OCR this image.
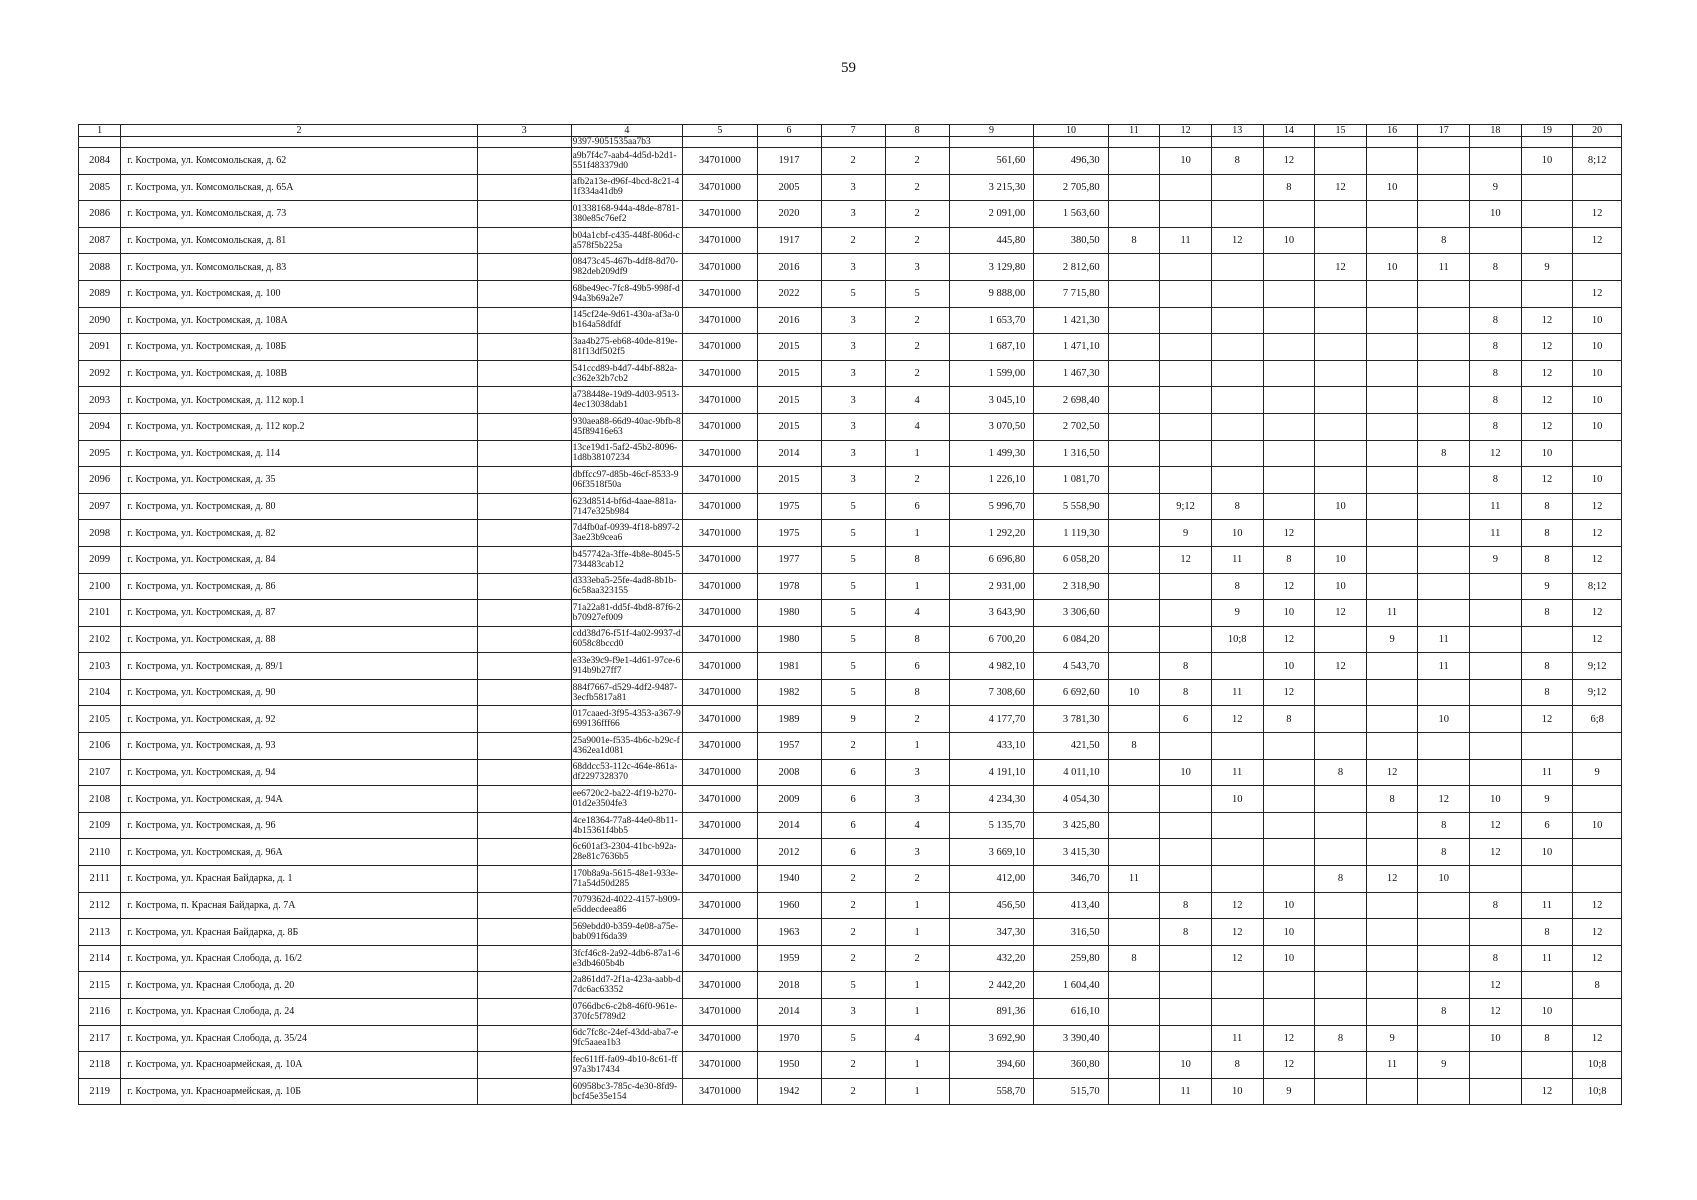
59
1	2	3	4	5	6	7	8	9	10	11	12	13	14	15	16	17	18	19	20
			9397-9051535aa7b3																
2084	г. Кострома, ул. Комсомольская, д. 62		a9b7f4c7-aab4-4d5d-b2d1-551f483379d0	34701000	1917	2	2	561,60	496,30		10	8	12					10	8;12
2085	г. Кострома, ул. Комсомольская, д. 65А		afb2a13e-d96f-4bcd-8c21-41f334a41db9	34701000	2005	3	2	3 215,30	2 705,80				8	12	10		9		
2086	г. Кострома, ул. Комсомольская, д. 73		01338168-944a-48de-8781-380e85c76ef2	34701000	2020	3	2	2 091,00	1 563,60								10		12
2087	г. Кострома, ул. Комсомольская, д. 81		b04a1cbf-c435-448f-806d-ca578f5b225a	34701000	1917	2	2	445,80	380,50	8	11	12	10			8			12
2088	г. Кострома, ул. Комсомольская, д. 83		08473c45-467b-4df8-8d70-982deb209df9	34701000	2016	3	3	3 129,80	2 812,60					12	10	11	8	9	
2089	г. Кострома, ул. Костромская, д. 100		68be49ec-7fc8-49b5-998f-d94a3b69a2e7	34701000	2022	5	5	9 888,00	7 715,80										12
2090	г. Кострома, ул. Костромская, д. 108А		145cf24e-9d61-430a-af3a-0b164a58dfdf	34701000	2016	3	2	1 653,70	1 421,30								8	12	10
2091	г. Кострома, ул. Костромская, д. 108Б		3aa4b275-eb68-40de-819e-81f13df502f5	34701000	2015	3	2	1 687,10	1 471,10								8	12	10
2092	г. Кострома, ул. Костромская, д. 108В		541ccd89-b4d7-44bf-882a-c362e32b7cb2	34701000	2015	3	2	1 599,00	1 467,30								8	12	10
2093	г. Кострома, ул. Костромская, д. 112 кор.1		a738448e-19d9-4d03-9513-4ec13038dab1	34701000	2015	3	4	3 045,10	2 698,40								8	12	10
2094	г. Кострома, ул. Костромская, д. 112 кор.2		930aea88-66d9-40ac-9bfb-845f89416e63	34701000	2015	3	4	3 070,50	2 702,50								8	12	10
2095	г. Кострома, ул. Костромская, д. 114		13ce19d1-5af2-45b2-8096-1d8b38107234	34701000	2014	3	1	1 499,30	1 316,50							8	12	10	
2096	г. Кострома, ул. Костромская, д. 35		dbffcc97-d85b-46cf-8533-906f3518f50a	34701000	2015	3	2	1 226,10	1 081,70								8	12	10
2097	г. Кострома, ул. Костромская, д. 80		623d8514-bf6d-4aae-881a-7147e325b984	34701000	1975	5	6	5 996,70	5 558,90		9;12	8		10			11	8	12
2098	г. Кострома, ул. Костромская, д. 82		7d4fb0af-0939-4f18-b897-23ae23b9cea6	34701000	1975	5	1	1 292,20	1 119,30		9	10	12				11	8	12
2099	г. Кострома, ул. Костромская, д. 84		b457742a-3ffe-4b8e-8045-5734483cab12	34701000	1977	5	8	6 696,80	6 058,20		12	11	8	10			9	8	12
2100	г. Кострома, ул. Костромская, д. 86		d333eba5-25fe-4ad8-8b1b-6c58aa323155	34701000	1978	5	1	2 931,00	2 318,90			8	12	10				9	8;12
2101	г. Кострома, ул. Костромская, д. 87		71a22a81-dd5f-4bd8-87f6-2b70927ef009	34701000	1980	5	4	3 643,90	3 306,60			9	10	12	11			8	12
2102	г. Кострома, ул. Костромская, д. 88		cdd38d76-f51f-4a02-9937-d6058c8bccd0	34701000	1980	5	8	6 700,20	6 084,20			10;8	12		9	11			12
2103	г. Кострома, ул. Костромская, д. 89/1		e33e39c9-f9e1-4d61-97ce-6914b9b27ff7	34701000	1981	5	6	4 982,10	4 543,70		8		10	12		11		8	9;12
2104	г. Кострома, ул. Костромская, д. 90		884f7667-d529-4df2-9487-3ecfb5817a81	34701000	1982	5	8	7 308,60	6 692,60	10	8	11	12					8	9;12
2105	г. Кострома, ул. Костромская, д. 92		017caaed-3f95-4353-a367-9699136fff66	34701000	1989	9	2	4 177,70	3 781,30		6	12	8			10		12	6;8
2106	г. Кострома, ул. Костромская, д. 93		25a9001e-f535-4b6c-b29c-f4362ea1d081	34701000	1957	2	1	433,10	421,50	8									
2107	г. Кострома, ул. Костромская, д. 94		68ddcc53-112c-464e-861a-df2297328370	34701000	2008	6	3	4 191,10	4 011,10		10	11		8	12			11	9
2108	г. Кострома, ул. Костромская, д. 94А		ee6720c2-ba22-4f19-b270-01d2e3504fe3	34701000	2009	6	3	4 234,30	4 054,30			10			8	12	10	9	
2109	г. Кострома, ул. Костромская, д. 96		4ce18364-77a8-44e0-8b11-4b15361f4bb5	34701000	2014	6	4	5 135,70	3 425,80							8	12	6	10
2110	г. Кострома, ул. Костромская, д. 96А		6c601af3-2304-41bc-b92a-28e81c7636b5	34701000	2012	6	3	3 669,10	3 415,30							8	12	10	
2111	г. Кострома, ул. Красная Байдарка, д. 1		170b8a9a-5615-48e1-933e-71a54d50d285	34701000	1940	2	2	412,00	346,70	11				8	12	10			
2112	г. Кострома, п. Красная Байдарка, д. 7А		7079362d-4022-4157-b909-e5ddecdeea86	34701000	1960	2	1	456,50	413,40		8	12	10				8	11	12
2113	г. Кострома, ул. Красная Байдарка, д. 8Б		569ebdd0-b359-4e08-a75e-bab091f6da39	34701000	1963	2	1	347,30	316,50		8	12	10					8	12
2114	г. Кострома, ул. Красная Слобода, д. 16/2		3fcf46c8-2a92-4db6-87a1-6e3db4605b4b	34701000	1959	2	2	432,20	259,80	8		12	10				8	11	12
2115	г. Кострома, ул. Красная Слобода, д. 20		2a861dd7-2f1a-423a-aabb-d7dc6ac63352	34701000	2018	5	1	2 442,20	1 604,40								12		8
2116	г. Кострома, ул. Красная Слобода, д. 24		0766dbc6-c2b8-46f0-961e-370fc5f789d2	34701000	2014	3	1	891,36	616,10							8	12	10	
2117	г. Кострома, ул. Красная Слобода, д. 35/24		6dc7fc8c-24ef-43dd-aba7-e9fc5aaea1b3	34701000	1970	5	4	3 692,90	3 390,40			11	12	8	9		10	8	12
2118	г. Кострома, ул. Красноармейская, д. 10А		fec611ff-fa09-4b10-8c61-ff97a3b17434	34701000	1950	2	1	394,60	360,80		10	8	12		11	9			10;8
2119	г. Кострома, ул. Красноармейская, д. 10Б		60958bc3-785c-4e30-8fd9-bcf45e35e154	34701000	1942	2	1	558,70	515,70		11	10	9					12	10;8
